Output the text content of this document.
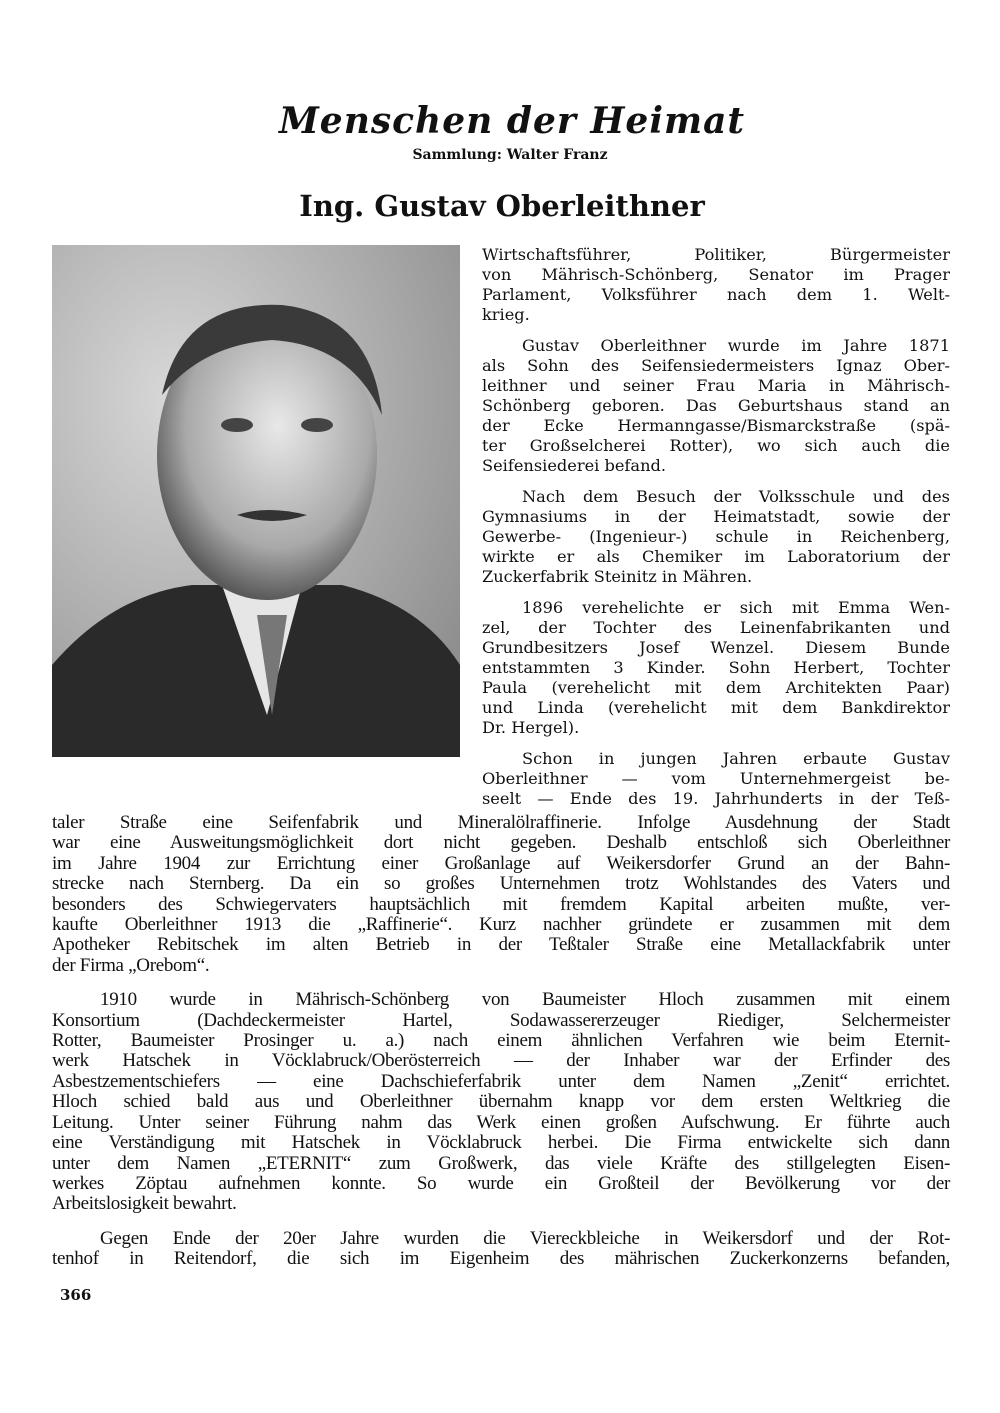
Menschen der Heimat
Sammlung: Walter Franz
Ing. Gustav Oberleithner
Wirtschaftsführer, Politiker, Bürgermeister
von Mährisch-Schönberg, Senator im Prager
Parlament, Volksführer nach dem 1. Welt-
krieg.
Gustav Oberleithner wurde im Jahre 1871
als Sohn des Seifensiedermeisters Ignaz Ober-
leithner und seiner Frau Maria in Mährisch-
Schönberg geboren. Das Geburtshaus stand an
der Ecke Hermanngasse/Bismarckstraße (spä-
ter Großselcherei Rotter), wo sich auch die
Seifensiederei befand.
Nach dem Besuch der Volksschule und des
Gymnasiums in der Heimatstadt, sowie der
Gewerbe- (Ingenieur-) schule in Reichenberg,
wirkte er als Chemiker im Laboratorium der
Zuckerfabrik Steinitz in Mähren.
1896 verehelichte er sich mit Emma Wen-
zel, der Tochter des Leinenfabrikanten und
Grundbesitzers Josef Wenzel. Diesem Bunde
entstammten 3 Kinder. Sohn Herbert, Tochter
Paula (verehelicht mit dem Architekten Paar)
und Linda (verehelicht mit dem Bankdirektor
Dr. Hergel).
Schon in jungen Jahren erbaute Gustav
Oberleithner — vom Unternehmergeist be-
seelt — Ende des 19. Jahrhunderts in der Teß-
taler Straße eine Seifenfabrik und Mineralölraffinerie. Infolge Ausdehnung der Stadt
war eine Ausweitungsmöglichkeit dort nicht gegeben. Deshalb entschloß sich Oberleithner
im Jahre 1904 zur Errichtung einer Großanlage auf Weikersdorfer Grund an der Bahn-
strecke nach Sternberg. Da ein so großes Unternehmen trotz Wohlstandes des Vaters und
besonders des Schwiegervaters hauptsächlich mit fremdem Kapital arbeiten mußte, ver-
kaufte Oberleithner 1913 die „Raffinerie“. Kurz nachher gründete er zusammen mit dem
Apotheker Rebitschek im alten Betrieb in der Teßtaler Straße eine Metallackfabrik unter
der Firma „Orebom“.
1910 wurde in Mährisch-Schönberg von Baumeister Hloch zusammen mit einem
Konsortium (Dachdeckermeister Hartel, Sodawassererzeuger Riediger, Selchermeister
Rotter, Baumeister Prosinger u. a.) nach einem ähnlichen Verfahren wie beim Eternit-
werk Hatschek in Vöcklabruck/Oberösterreich — der Inhaber war der Erfinder des
Asbestzementschiefers — eine Dachschieferfabrik unter dem Namen „Zenit“ errichtet.
Hloch schied bald aus und Oberleithner übernahm knapp vor dem ersten Weltkrieg die
Leitung. Unter seiner Führung nahm das Werk einen großen Aufschwung. Er führte auch
eine Verständigung mit Hatschek in Vöcklabruck herbei. Die Firma entwickelte sich dann
unter dem Namen „ETERNIT“ zum Großwerk, das viele Kräfte des stillgelegten Eisen-
werkes Zöptau aufnehmen konnte. So wurde ein Großteil der Bevölkerung vor der
Arbeitslosigkeit bewahrt.
Gegen Ende der 20er Jahre wurden die Viereckbleiche in Weikersdorf und der Rot-
tenhof in Reitendorf, die sich im Eigenheim des mährischen Zuckerkonzerns befanden,
366
